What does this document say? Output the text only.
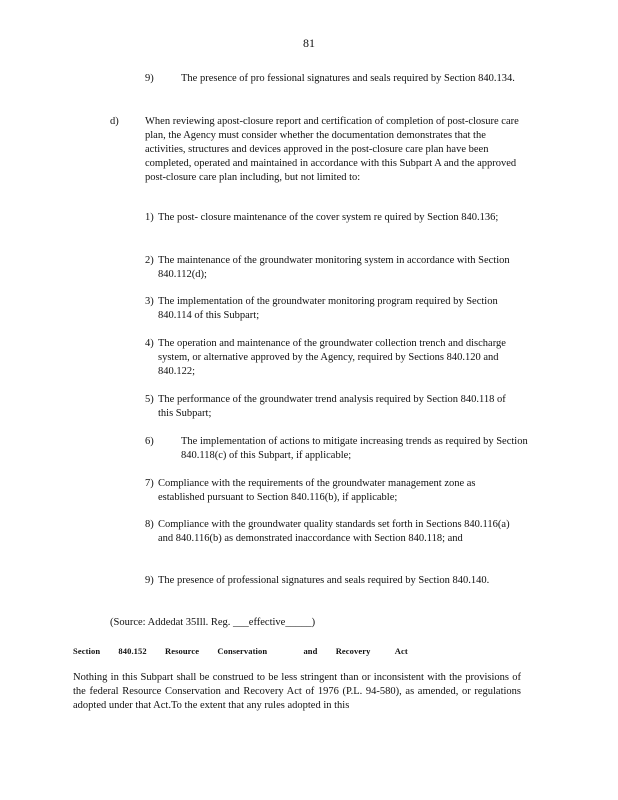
81
9)	The presence of pro fessional signatures and seals required by Section 840.134.
d)	When reviewing apost-closure report and certification of completion of post-closure care plan, the Agency must consider whether the documentation demonstrates that the activities, structures and devices approved in the post-closure care plan have been completed, operated and maintained in accordance with this Subpart A and the approved post-closure care plan including, but not limited to:
1) The post- closure maintenance of the cover system re quired by Section 840.136;
2) The maintenance of the groundwater monitoring system in accordance with Section 840.112(d);
3) The implementation of the groundwater monitoring program required by Section 840.114 of this Subpart;
4) The operation and maintenance of the groundwater collection trench and discharge system, or alternative approved by the Agency, required by Sections 840.120 and 840.122;
5) The performance of the groundwater trend analysis required by Section 840.118 of this Subpart;
6)	The implementation of actions to mitigate increasing trends as required by Section 840.118(c) of this Subpart, if applicable;
7) Compliance with the requirements of the groundwater management zone as established pursuant to Section 840.116(b), if applicable;
8) Compliance with the groundwater quality standards set forth in Sections 840.116(a) and 840.116(b) as demonstrated inaccordance with Section 840.118; and
9) The presence of professional signatures and seals required by Section 840.140.
(Source: Addedat 35Ill. Reg. ___effective_____)
Section 840.152 Resource Conservation	and Recovery	Act
Nothing in this Subpart shall be construed to be less stringent than or inconsistent with the provisions of the federal Resource Conservation and Recovery Act of 1976 (P.L. 94-580), as amended, or regulations adopted under that Act.To the extent that any rules adopted in this
